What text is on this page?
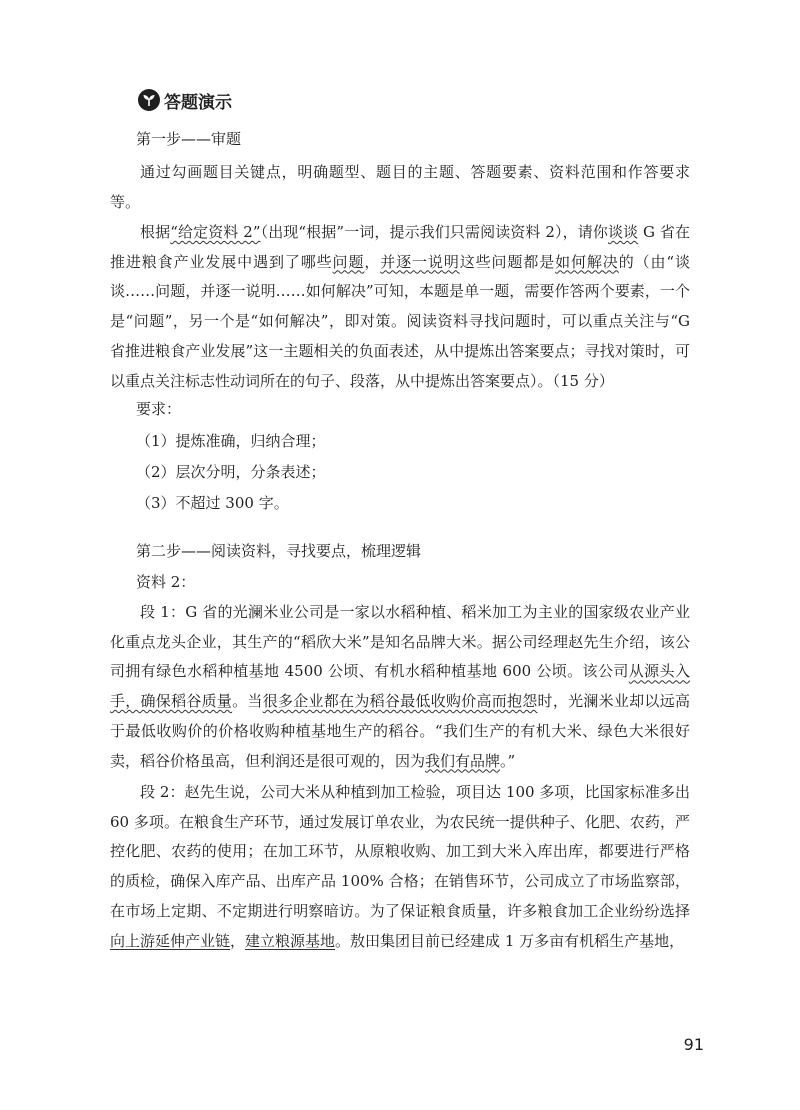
答题演示
第一步——审题
通过勾画题目关键点，明确题型、题目的主题、答题要素、资料范围和作答要求等。
根据“给定资料 2”（出现“根据”一词，提示我们只需阅读资料 2），请你谈谈 G 省在推进粮食产业发展中遇到了哪些问题，并逐一说明这些问题都是如何解决的（由“谈谈……问题，并逐一说明……如何解决”可知，本题是单一题，需要作答两个要素，一个是“问题”，另一个是“如何解决”，即对策。阅读资料寻找问题时，可以重点关注与“G 省推进粮食产业发展”这一主题相关的负面表述，从中提炼出答案要点；寻找对策时，可以重点关注标志性动词所在的句子、段落，从中提炼出答案要点）。（15 分）
要求：
（1）提炼准确，归纳合理；
（2）层次分明，分条表述；
（3）不超过 300 字。
第二步——阅读资料，寻找要点，梳理逻辑
资料 2：
段 1：G 省的光澜米业公司是一家以水稻种植、稻米加工为主业的国家级农业产业化重点龙头企业，其生产的“稻欣大米”是知名品牌大米。据公司经理赵先生介绍，该公司拥有绿色水稻种植基地 4500 公顷、有机水稻种植基地 600 公顷。该公司从源头入手，确保稻谷质量。当很多企业都在为稻谷最低收购价高而抱怨时，光澜米业却以远高于最低收购价的价格收购种植基地生产的稻谷。“我们生产的有机大米、绿色大米很好卖，稻谷价格虽高，但利润还是很可观的，因为我们有品牌。”
段 2：赵先生说，公司大米从种植到加工检验，项目达 100 多项，比国家标准多出 60 多项。在粮食生产环节，通过发展订单农业，为农民统一提供种子、化肥、农药，严控化肥、农药的使用；在加工环节，从原粮收购、加工到大米入库出库，都要进行严格的质检，确保入库产品、出库产品 100% 合格；在销售环节，公司成立了市场监察部，在市场上定期、不定期进行明察暗访。为了保证粮食质量，许多粮食加工企业纷纷选择向上游延伸产业链，建立粮源基地。敖田集团目前已经建成 1 万多亩有机稻生产基地，
91
